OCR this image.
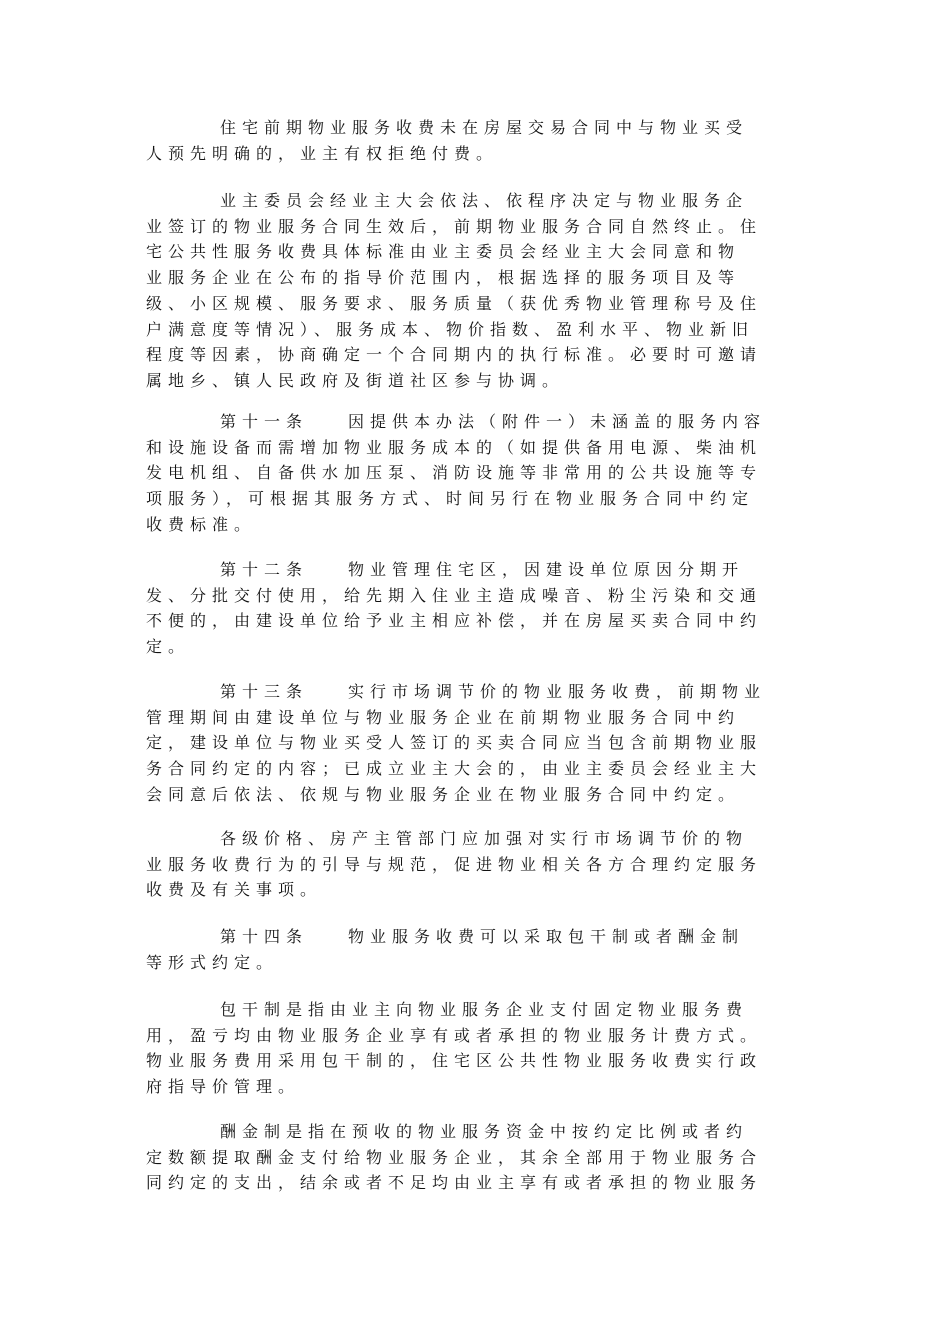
住宅前期物业服务收费未在房屋交易合同中与物业买受
人预先明确的，业主有权拒绝付费。

业主委员会经业主大会依法、依程序决定与物业服务企
业签订的物业服务合同生效后，前期物业服务合同自然终止。住
宅公共性服务收费具体标准由业主委员会经业主大会同意和物
业服务企业在公布的指导价范围内，根据选择的服务项目及等
级、小区规模、服务要求、服务质量（获优秀物业管理称号及住
户满意度等情况）、服务成本、物价指数、盈利水平、物业新旧
程度等因素，协商确定一个合同期内的执行标准。必要时可邀请
属地乡、镇人民政府及街道社区参与协调。

第十一条	因提供本办法（附件一）未涵盖的服务内容
和设施设备而需增加物业服务成本的（如提供备用电源、柴油机
发电机组、自备供水加压泵、消防设施等非常用的公共设施等专
项服务），可根据其服务方式、时间另行在物业服务合同中约定
收费标准。

第十二条	物业管理住宅区，因建设单位原因分期开
发、分批交付使用，给先期入住业主造成噪音、粉尘污染和交通
不便的，由建设单位给予业主相应补偿，并在房屋买卖合同中约
定。

第十三条	实行市场调节价的物业服务收费，前期物业
管理期间由建设单位与物业服务企业在前期物业服务合同中约
定，建设单位与物业买受人签订的买卖合同应当包含前期物业服
务合同约定的内容；已成立业主大会的，由业主委员会经业主大
会同意后依法、依规与物业服务企业在物业服务合同中约定。

各级价格、房产主管部门应加强对实行市场调节价的物
业服务收费行为的引导与规范，促进物业相关各方合理约定服务
收费及有关事项。

第十四条	物业服务收费可以采取包干制或者酬金制
等形式约定。

包干制是指由业主向物业服务企业支付固定物业服务费
用，盈亏均由物业服务企业享有或者承担的物业服务计费方式。
物业服务费用采用包干制的，住宅区公共性物业服务收费实行政
府指导价管理。

酬金制是指在预收的物业服务资金中按约定比例或者约
定数额提取酬金支付给物业服务企业，其余全部用于物业服务合
同约定的支出，结余或者不足均由业主享有或者承担的物业服务
